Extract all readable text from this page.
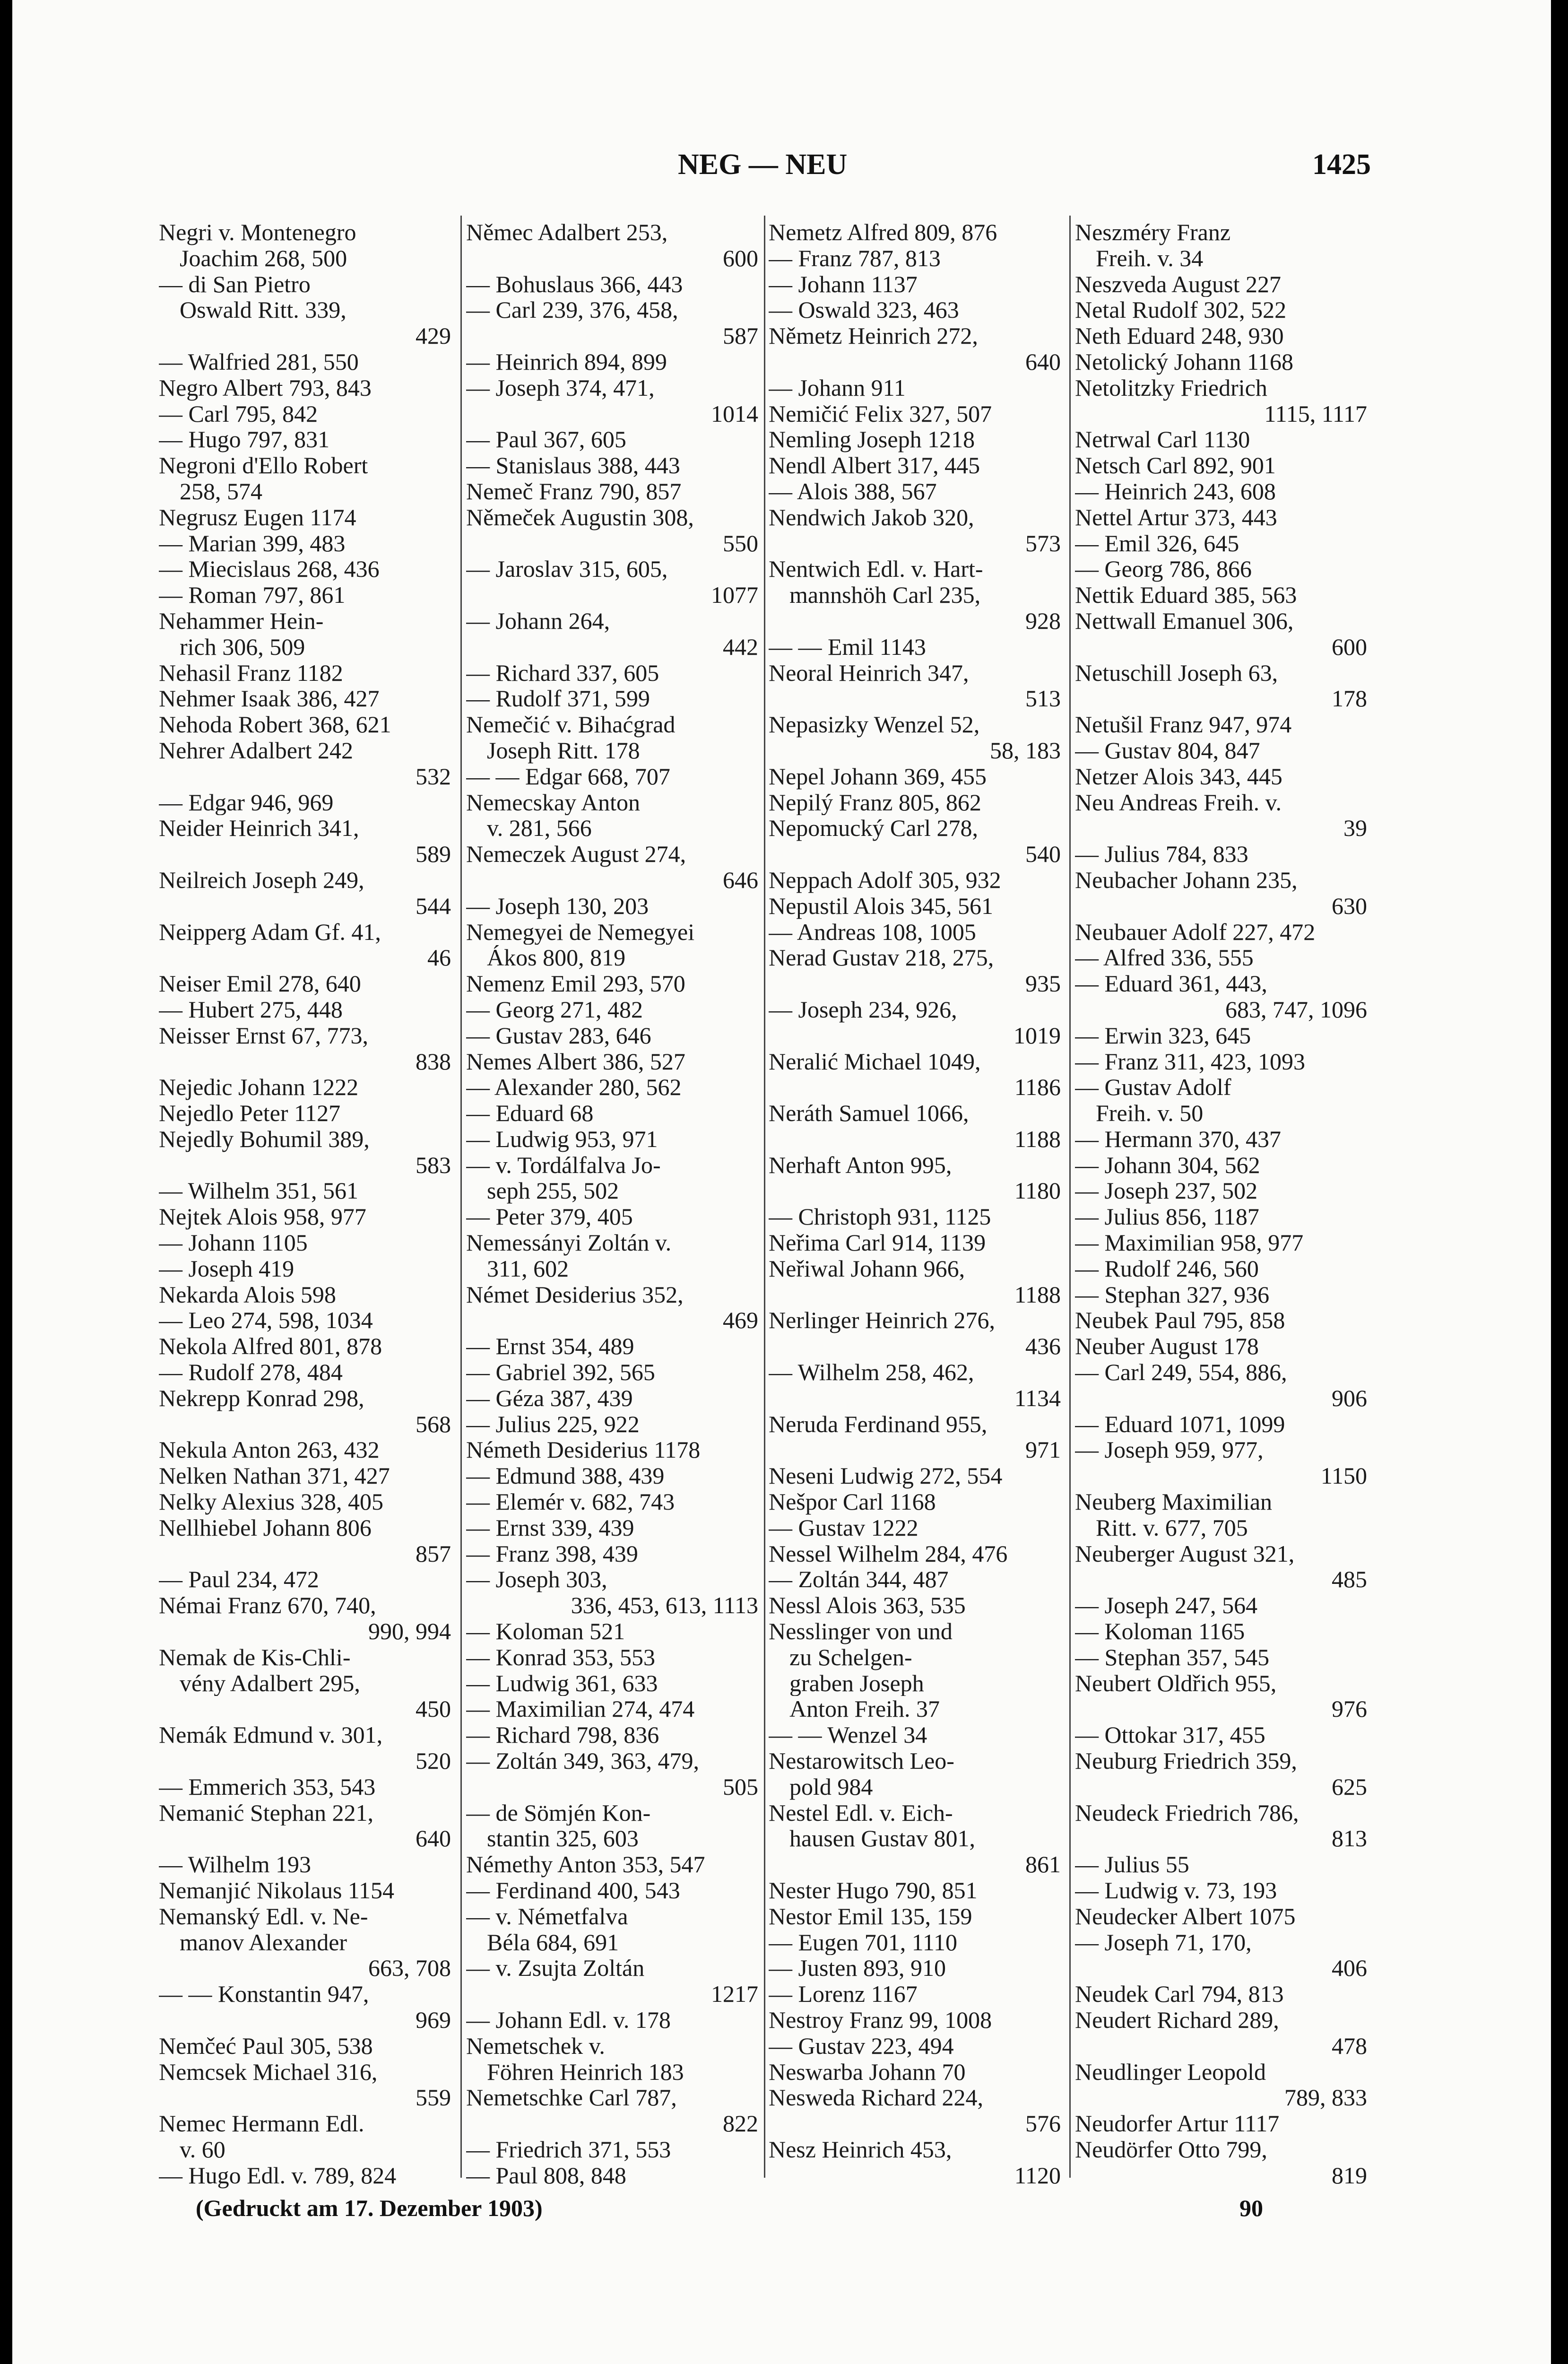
NEG — NEU	1425
Negri v. Montenegro
Joachim 268, 500
— di San Pietro
Oswald Ritt. 339,
429
— Walfried 281, 550
Negro Albert 793, 843
— Carl 795, 842
— Hugo 797, 831
Negroni d'Ello Robert
258, 574
Negrusz Eugen 1174
— Marian 399, 483
— Miecislaus 268, 436
— Roman 797, 861
Nehammer Hein-
rich 306, 509
Nehasil Franz 1182
Nehmer Isaak 386, 427
Nehoda Robert 368, 621
Nehrer Adalbert 242
532
— Edgar 946, 969
Neider Heinrich 341,
589
Neilreich Joseph 249,
544
Neipperg Adam Gf. 41,
46
Neiser Emil 278, 640
— Hubert 275, 448
Neisser Ernst 67, 773,
838
Nejedic Johann 1222
Nejedlo Peter 1127
Nejedly Bohumil 389,
583
— Wilhelm 351, 561
Nejtek Alois 958, 977
— Johann 1105
— Joseph 419
Nekarda Alois 598
— Leo 274, 598, 1034
Nekola Alfred 801, 878
— Rudolf 278, 484
Nekrepp Konrad 298,
568
Nekula Anton 263, 432
Nelken Nathan 371, 427
Nelky Alexius 328, 405
Nellhiebel Johann 806
857
— Paul 234, 472
Némai Franz 670, 740,
990, 994
Nemak de Kis-Chli-
vény Adalbert 295,
450
Nemák Edmund v. 301,
520
— Emmerich 353, 543
Nemanić Stephan 221,
640
— Wilhelm 193
Nemanjić Nikolaus 1154
Nemanský Edl. v. Ne-
manov Alexander
663, 708
— — Konstantin 947,
969
Nemčeć Paul 305, 538
Nemcsek Michael 316,
559
Nemec Hermann Edl.
v. 60
— Hugo Edl. v. 789, 824
Němec Adalbert 253,
600
— Bohuslaus 366, 443
— Carl 239, 376, 458,
587
— Heinrich 894, 899
— Joseph 374, 471,
1014
— Paul 367, 605
— Stanislaus 388, 443
Nemeč Franz 790, 857
Němeček Augustin 308,
550
— Jaroslav 315, 605,
1077
— Johann 264,
442
— Richard 337, 605
— Rudolf 371, 599
Nemečić v. Bihaćgrad
Joseph Ritt. 178
— — Edgar 668, 707
Nemecskay Anton
v. 281, 566
Nemeczek August 274,
646
— Joseph 130, 203
Nemegyei de Nemegyei
Ákos 800, 819
Nemenz Emil 293, 570
— Georg 271, 482
— Gustav 283, 646
Nemes Albert 386, 527
— Alexander 280, 562
— Eduard 68
— Ludwig 953, 971
— v. Tordálfalva Jo-
seph 255, 502
— Peter 379, 405
Nemessányi Zoltán v.
311, 602
Német Desiderius 352,
469
— Ernst 354, 489
— Gabriel 392, 565
— Géza 387, 439
— Julius 225, 922
Németh Desiderius 1178
— Edmund 388, 439
— Elemér v. 682, 743
— Ernst 339, 439
— Franz 398, 439
— Joseph 303,
336, 453, 613, 1113
— Koloman 521
— Konrad 353, 553
— Ludwig 361, 633
— Maximilian 274, 474
— Richard 798, 836
— Zoltán 349, 363, 479,
505
— de Sömjén Kon-
stantin 325, 603
Némethy Anton 353, 547
— Ferdinand 400, 543
— v. Németfalva
Béla 684, 691
— v. Zsujta Zoltán
1217
— Johann Edl. v. 178
Nemetschek v.
Föhren Heinrich 183
Nemetschke Carl 787,
822
— Friedrich 371, 553
— Paul 808, 848
Nemetz Alfred 809, 876
— Franz 787, 813
— Johann 1137
— Oswald 323, 463
Němetz Heinrich 272,
640
— Johann 911
Nemičić Felix 327, 507
Nemling Joseph 1218
Nendl Albert 317, 445
— Alois 388, 567
Nendwich Jakob 320,
573
Nentwich Edl. v. Hart-
mannshöh Carl 235,
928
— — Emil 1143
Neoral Heinrich 347,
513
Nepasizky Wenzel 52,
58, 183
Nepel Johann 369, 455
Nepilý Franz 805, 862
Nepomucký Carl 278,
540
Neppach Adolf 305, 932
Nepustil Alois 345, 561
— Andreas 108, 1005
Nerad Gustav 218, 275,
935
— Joseph 234, 926,
1019
Neralić Michael 1049,
1186
Neráth Samuel 1066,
1188
Nerhaft Anton 995,
1180
— Christoph 931, 1125
Neřima Carl 914, 1139
Neřiwal Johann 966,
1188
Nerlinger Heinrich 276,
436
— Wilhelm 258, 462,
1134
Neruda Ferdinand 955,
971
Neseni Ludwig 272, 554
Nešpor Carl 1168
— Gustav 1222
Nessel Wilhelm 284, 476
— Zoltán 344, 487
Nessl Alois 363, 535
Nesslinger von und
zu Schelgen-
graben Joseph
Anton Freih. 37
— — Wenzel 34
Nestarowitsch Leo-
pold 984
Nestel Edl. v. Eich-
hausen Gustav 801,
861
Nester Hugo 790, 851
Nestor Emil 135, 159
— Eugen 701, 1110
— Justen 893, 910
— Lorenz 1167
Nestroy Franz 99, 1008
— Gustav 223, 494
Neswarba Johann 70
Nesweda Richard 224,
576
Nesz Heinrich 453,
1120
Neszméry Franz
Freih. v. 34
Neszveda August 227
Netal Rudolf 302, 522
Neth Eduard 248, 930
Netolický Johann 1168
Netolitzky Friedrich
1115, 1117
Netrwal Carl 1130
Netsch Carl 892, 901
— Heinrich 243, 608
Nettel Artur 373, 443
— Emil 326, 645
— Georg 786, 866
Nettik Eduard 385, 563
Nettwall Emanuel 306,
600
Netuschill Joseph 63,
178
Netušil Franz 947, 974
— Gustav 804, 847
Netzer Alois 343, 445
Neu Andreas Freih. v.
39
— Julius 784, 833
Neubacher Johann 235,
630
Neubauer Adolf 227, 472
— Alfred 336, 555
— Eduard 361, 443,
683, 747, 1096
— Erwin 323, 645
— Franz 311, 423, 1093
— Gustav Adolf
Freih. v. 50
— Hermann 370, 437
— Johann 304, 562
— Joseph 237, 502
— Julius 856, 1187
— Maximilian 958, 977
— Rudolf 246, 560
— Stephan 327, 936
Neubek Paul 795, 858
Neuber August 178
— Carl 249, 554, 886,
906
— Eduard 1071, 1099
— Joseph 959, 977,
1150
Neuberg Maximilian
Ritt. v. 677, 705
Neuberger August 321,
485
— Joseph 247, 564
— Koloman 1165
— Stephan 357, 545
Neubert Oldřich 955,
976
— Ottokar 317, 455
Neuburg Friedrich 359,
625
Neudeck Friedrich 786,
813
— Julius 55
— Ludwig v. 73, 193
Neudecker Albert 1075
— Joseph 71, 170,
406
Neudek Carl 794, 813
Neudert Richard 289,
478
Neudlinger Leopold
789, 833
Neudorfer Artur 1117
Neudörfer Otto 799,
819
(Gedruckt am 17. Dezember 1903)	90
